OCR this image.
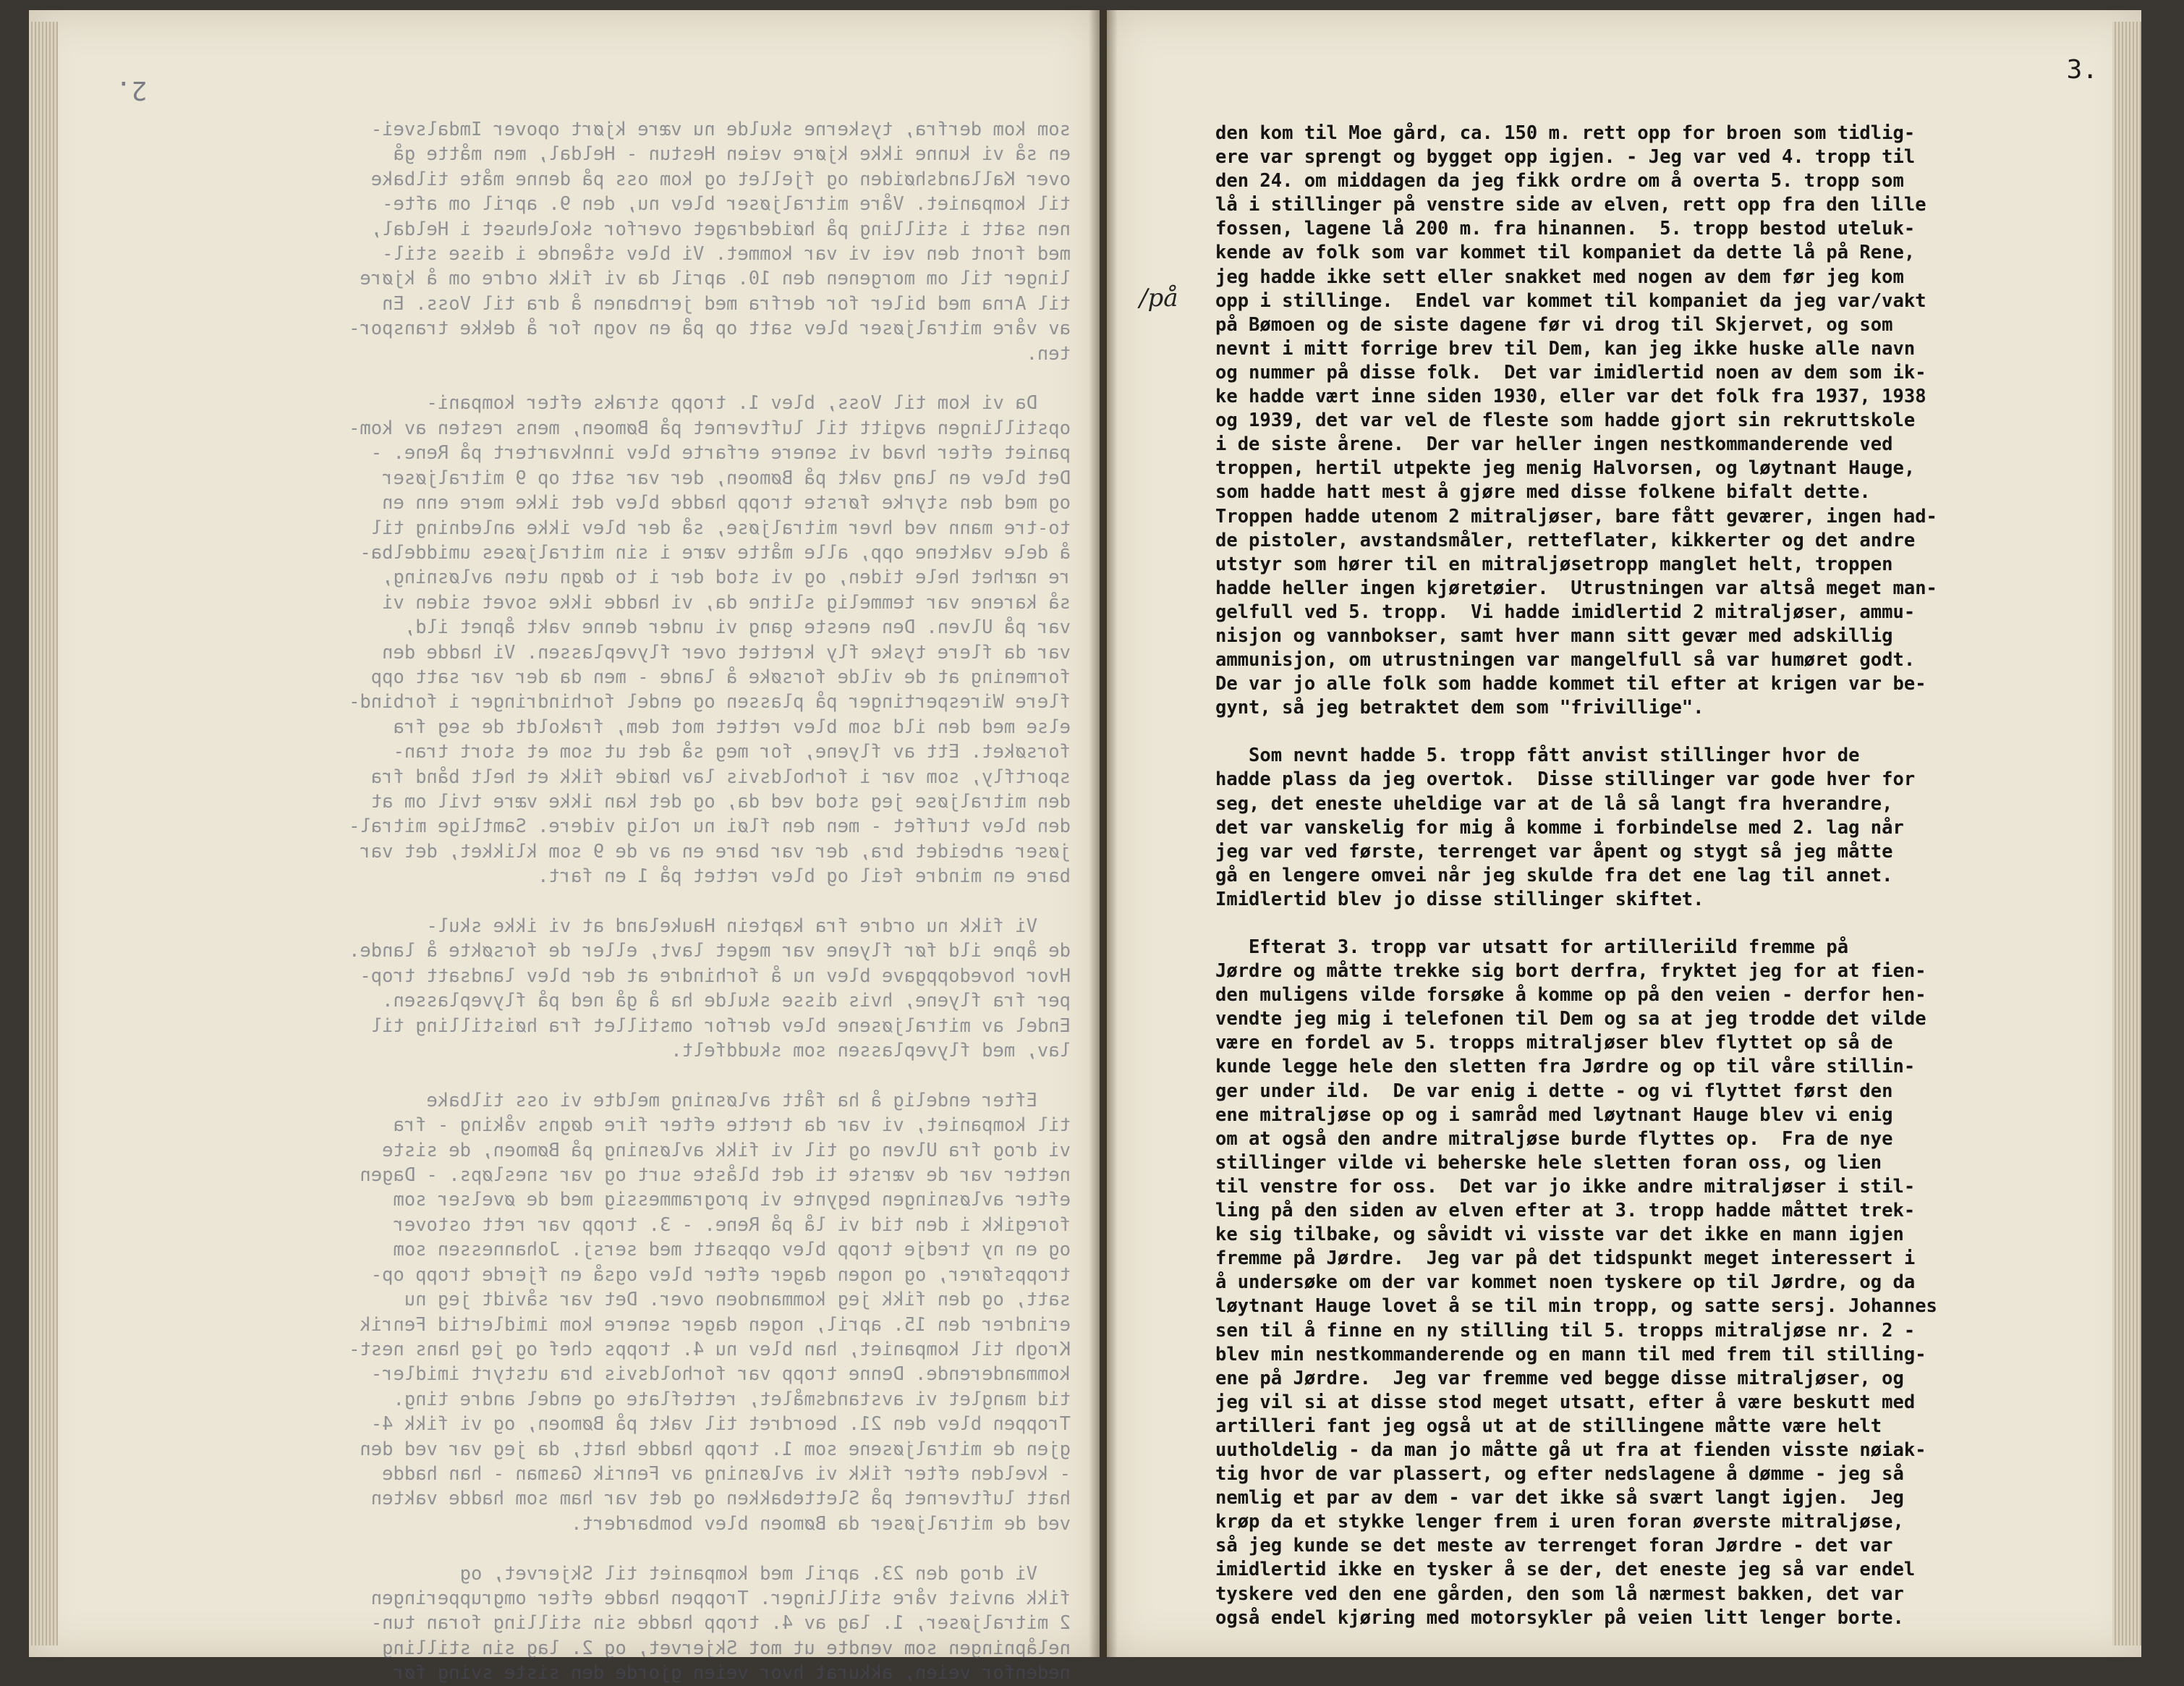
2.

som kom derfra, tyskerne skulde nu være kjørt opover Imdalsvei-
en så vi kunne ikke kjøre veien Hestun - Heldal, men måtte gå
over Kallandshøiden og fjellet og kom oss på denne måte tilbake
til kompaniet. Våre mitraljøser blev nu, den 9. april om afte-
nen satt i stilling på høidedraget overfor skolehuset i Heldal,
med front den vei vi var kommet. Vi blev stående i disse stil-
linger til om morgenen den 10. april da vi fikk ordre om å kjøre
til Arna med biler for derfra med jernbanen å dra til Voss. En
av våre mitraljøser blev satt op på en vogn for å dekke transpor-
ten.

Da vi kom til Voss, blev 1. tropp straks efter kompani-
opstillingen avgitt til luftvernet på Bømoen, mens resten av kom-
paniet efter hvad vi senere erfarte blev innkvartert på Rene. -
Det blev en lang vakt på Bømoen, der var satt op 9 mitraljøser
og med den styrke første tropp hadde blev det ikke mere enn en
to-tre mann ved hver mitraljøse, så der blev ikke anledning til
å dele vaktene opp, alle måtte være i sin mitraljøses umiddelba-
re nærhet hele tiden, og vi stod der i to døgn uten avløsning,
så karene var temmelig slitne da, vi hadde ikke sovet siden vi
var på Ulven. Den eneste gang vi under denne vakt åpnet ild,
var da flere tyske fly krettet over flyveplassen. Vi hadde den
formening at de vilde forsøke å lande - men da der var satt opp
flere Wirespertinger på plassen og endel forhindringer i forbind-
else med den ild som blev rettet mot dem, frakoldt de seg fra
forsøket. Ett av flyene, for meg så det ut som et stort tran-
sportfly, som var i forholdsvis lav høide fikk et helt bånd fra
den mitraljøse jeg stod ved da, og det kan ikke være tvil om at
den blev truffet - men den fløi nu rolig videre. Samtlige mitral-
jøser arbeidet bra, der var bare en av de 9 som klikket, det var
bare en mindre feil og blev rettet på 1 en fart.

Vi fikk nu ordre fra kaptein Haukeland at vi ikke skul-
de åpne ild før flyene var meget lavt, eller de forsøkte å lande.
Hvor hovedoppgave blev nu å forhindre at der blev landsatt trop-
per fra flyene, hvis disse skulde ha å gå ned på flyveplassen.
Endel av mitraljøsene blev derfor omstillet fra høistilling til
lav, med flyveplassen som skuddfelt.

Efter endelig å ha fått avløsning meldte vi oss tilbake
til kompaniet, vi var da trette efter fire døgns våking - fra
vi drog fra Ulven og til vi fikk avløsning på Bømoen, de siste
netter var de værste ti det blåste surt og var snesløps. - Dagen
efter avløsningen begynte vi programmessig med de øvelser som
foregikk i den tid vi lå på Rene. - 3. tropp var rett ostover
og en ny tredje tropp blev oppsatt med sersj. Johannessen som
troppsfører, og nogen dager efter blev også en fjerde tropp op-
satt, og den fikk jeg kommandoen over. Det var såvidt jeg nu
erindrer den 15. april, nogen dager senere kom imidlertid Fenrik
Krogh til kompaniet, han blev nu 4. tropps chef og jeg hans nest-
kommanderende. Denne tropp var forholdsvis bra utstyrt imidler-
tid manglet vi avstandsmålet, retteflate og endel andre ting.
Troppen blev den 21. beordret til vakt på Bømoen, og vi fikk 4-
gjen de mitraljøsene som 1. tropp hadde hatt, da jeg var ved den
- kvelden efter fikk vi avløsning av Fenrik Gasman - han hadde
hatt luftvernet på Slettebakken og det var ham som hadde vakten
ved de mitraljøser da Bømoen blev bombardert.

Vi drog den 23. april med kompaniet til Skjervet, og
fikk anvist våre stillinger. Troppen hadde efter omgrupperingen
2 mitraljøser, 1. lag av 4. tropp hadde sin stilling foran tun-
nelåpningen som vendte ut mot Skjervet, og 2. lag sin stilling
nedenfor veien, akkurat hvor veien gjorde den siste sving før

3.

/på

den kom til Moe gård, ca. 150 m. rett opp for broen som tidlig-

ere var sprengt og bygget opp igjen. - Jeg var ved 4. tropp til

den 24. om middagen da jeg fikk ordre om å overta 5. tropp som

lå i stillinger på venstre side av elven, rett opp fra den lille

fossen, lagene lå 200 m. fra hinannen.  5. tropp bestod uteluk-

kende av folk som var kommet til kompaniet da dette lå på Rene,

jeg hadde ikke sett eller snakket med nogen av dem før jeg kom

opp i stillinge.  Endel var kommet til kompaniet da jeg var/vakt

på Bømoen og de siste dagene før vi drog til Skjervet, og som

nevnt i mitt forrige brev til Dem, kan jeg ikke huske alle navn

og nummer på disse folk.  Det var imidlertid noen av dem som ik-

ke hadde vært inne siden 1930, eller var det folk fra 1937, 1938

og 1939, det var vel de fleste som hadde gjort sin rekruttskole

i de siste årene.  Der var heller ingen nestkommanderende ved

troppen, hertil utpekte jeg menig Halvorsen, og løytnant Hauge,

som hadde hatt mest å gjøre med disse folkene bifalt dette.

Troppen hadde utenom 2 mitraljøser, bare fått geværer, ingen had-

de pistoler, avstandsmåler, retteflater, kikkerter og det andre

utstyr som hører til en mitraljøsetropp manglet helt, troppen

hadde heller ingen kjøretøier.  Utrustningen var altså meget man-

gelfull ved 5. tropp.  Vi hadde imidlertid 2 mitraljøser, ammu-

nisjon og vannbokser, samt hver mann sitt gevær med adskillig

ammunisjon, om utrustningen var mangelfull så var humøret godt.

De var jo alle folk som hadde kommet til efter at krigen var be-

gynt, så jeg betraktet dem som "frivillige".

Som nevnt hadde 5. tropp fått anvist stillinger hvor de

hadde plass da jeg overtok.  Disse stillinger var gode hver for

seg, det eneste uheldige var at de lå så langt fra hverandre,

det var vanskelig for mig å komme i forbindelse med 2. lag når

jeg var ved første, terrenget var åpent og stygt så jeg måtte

gå en lengere omvei når jeg skulde fra det ene lag til annet.

Imidlertid blev jo disse stillinger skiftet.

Efterat 3. tropp var utsatt for artilleriild fremme på

Jørdre og måtte trekke sig bort derfra, fryktet jeg for at fien-

den muligens vilde forsøke å komme op på den veien - derfor hen-

vendte jeg mig i telefonen til Dem og sa at jeg trodde det vilde

være en fordel av 5. tropps mitraljøser blev flyttet op så de

kunde legge hele den sletten fra Jørdre og op til våre stillin-

ger under ild.  De var enig i dette - og vi flyttet først den

ene mitraljøse op og i samråd med løytnant Hauge blev vi enig

om at også den andre mitraljøse burde flyttes op.  Fra de nye

stillinger vilde vi beherske hele sletten foran oss, og lien

til venstre for oss.  Det var jo ikke andre mitraljøser i stil-

ling på den siden av elven efter at 3. tropp hadde måttet trek-

ke sig tilbake, og såvidt vi visste var det ikke en mann igjen

fremme på Jørdre.  Jeg var på det tidspunkt meget interessert i

å undersøke om der var kommet noen tyskere op til Jørdre, og da

løytnant Hauge lovet å se til min tropp, og satte sersj. Johannes

sen til å finne en ny stilling til 5. tropps mitraljøse nr. 2 -

blev min nestkommanderende og en mann til med frem til stilling-

ene på Jørdre.  Jeg var fremme ved begge disse mitraljøser, og

jeg vil si at disse stod meget utsatt, efter å være beskutt med

artilleri fant jeg også ut at de stillingene måtte være helt

uutholdelig - da man jo måtte gå ut fra at fienden visste nøiak-

tig hvor de var plassert, og efter nedslagene å dømme - jeg så

nemlig et par av dem - var det ikke så svært langt igjen.  Jeg

krøp da et stykke lenger frem i uren foran øverste mitraljøse,

så jeg kunde se det meste av terrenget foran Jørdre - det var

imidlertid ikke en tysker å se der, det eneste jeg så var endel

tyskere ved den ene gården, den som lå nærmest bakken, det var

også endel kjøring med motorsykler på veien litt lenger borte.
